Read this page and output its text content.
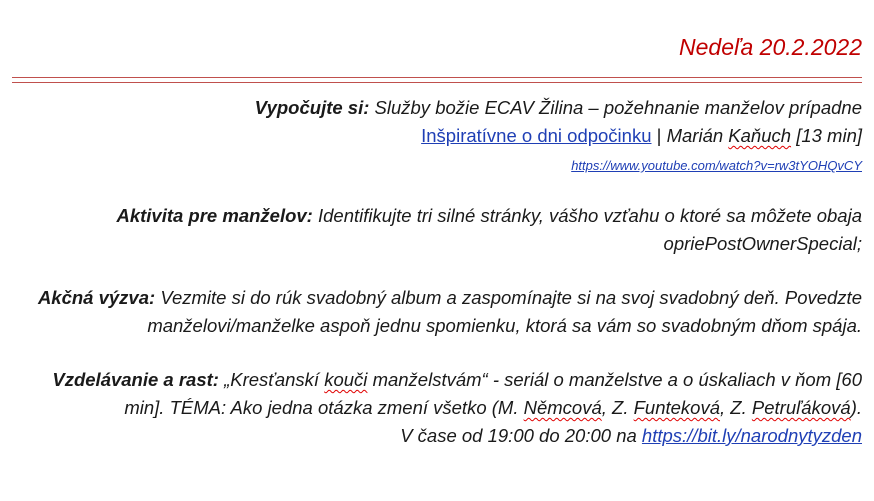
Nedeľa 20.2.2022

Vypočujte si: Služby božie ECAV Žilina – požehnanie manželov prípadne
Inšpiratívne o dni odpočinku | Marián Kaňuch [13 min]

https://www.youtube.com/watch?v=rw3tYOHQvCY

Aktivita pre manželov: Identifikujte tri silné stránky, vášho vzťahu o ktoré sa môžete obaja opriePostOwnerSpecial;

Akčná výzva: Vezmite si do rúk svadobný album a zaspomínajte si na svoj svadobný deň. Povedzte manželovi/manželke aspoň jednu spomienku, ktorá sa vám so svadobným dňom spája.

Vzdelávanie a rast: „Kresťanskí kouči manželstvám“ - seriál o manželstve a o úskaliach v ňom [60 min]. TÉMA: Ako jedna otázka zmení všetko (M. Němcová, Z. Funteková, Z. Petruľáková).
V čase od 19:00 do 20:00 na https://bit.ly/narodnytyzden
